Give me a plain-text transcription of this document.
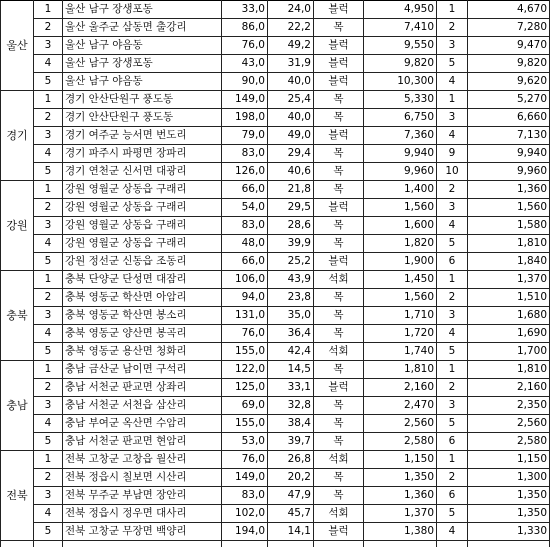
울산	1	울산 남구 장생포동	33,0	24,0	블럭	4,950	1	4,670
	2	울산 울주군 삼동면 출강리	86,0	22,2	목	7,410	2	7,280
	3	울산 남구 야음동	76,0	49,2	블럭	9,550	3	9,470
	4	울산 남구 장생포동	43,0	31,9	블럭	9,820	5	9,820
	5	울산 남구 야음동	90,0	40,0	블럭	10,300	4	9,620
경기	1	경기 안산단원구 풍도동	149,0	25,4	목	5,330	1	5,270
	2	경기 안산단원구 풍도동	198,0	40,0	목	6,750	3	6,660
	3	경기 여주군 능서면 번도리	79,0	49,0	블럭	7,360	4	7,130
	4	경기 파주시 파평면 장파리	83,0	29,4	목	9,940	9	9,940
	5	경기 연천군 신서면 대광리	126,0	40,6	목	9,960	10	9,960
강원	1	강원 영월군 상동읍 구래리	66,0	21,8	목	1,400	2	1,360
	2	강원 영월군 상동읍 구래리	54,0	29,5	블럭	1,560	3	1,560
	3	강원 영월군 상동읍 구래리	83,0	28,6	목	1,600	4	1,580
	4	강원 영월군 상동읍 구래리	48,0	39,9	목	1,820	5	1,810
	5	강원 정선군 신동읍 조동리	66,0	25,2	블럭	1,900	6	1,840
충북	1	충북 단양군 단성면 대잠리	106,0	43,9	석회	1,450	1	1,370
	2	충북 영동군 학산면 아암리	94,0	23,8	목	1,560	2	1,510
	3	충북 영동군 학산면 봉소리	131,0	35,0	목	1,710	3	1,680
	4	충북 영동군 양산면 봉곡리	76,0	36,4	목	1,720	4	1,690
	5	충북 영동군 용산면 청화리	155,0	42,4	석회	1,740	5	1,700
충남	1	충남 금산군 남이면 구석리	122,0	14,5	목	1,810	1	1,810
	2	충남 서천군 판교면 상좌리	125,0	33,1	블럭	2,160	2	2,160
	3	충남 서천군 서천읍 삼산리	69,0	32,8	목	2,470	3	2,350
	4	충남 부여군 옥산면 수암리	155,0	38,4	목	2,560	5	2,560
	5	충남 서천군 판교면 현암리	53,0	39,7	목	2,580	6	2,580
전북	1	전북 고창군 고창읍 월산리	76,0	26,8	석회	1,150	1	1,150
	2	전북 정읍시 칠보면 시산리	149,0	20,2	목	1,350	2	1,300
	3	전북 무주군 부남면 장안리	83,0	47,9	목	1,360	6	1,350
	4	전북 정읍시 정우면 대사리	102,0	45,7	석회	1,370	5	1,350
	5	전북 고창군 무장면 백양리	194,0	14,1	블럭	1,380	4	1,330
